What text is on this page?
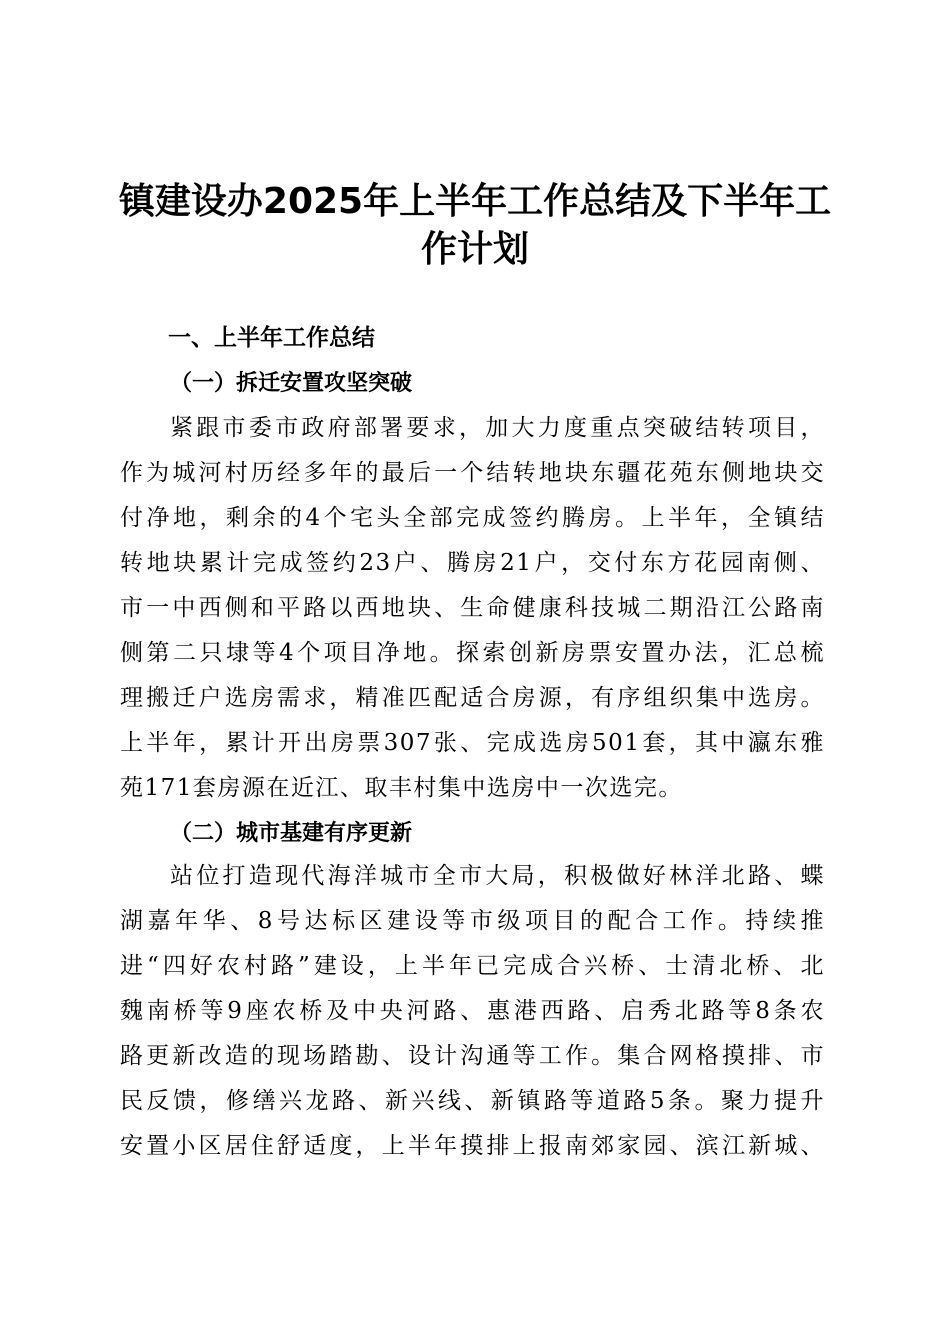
镇建设办2025年上半年工作总结及下半年工作计划
一、上半年工作总结
（一）拆迁安置攻坚突破
紧跟市委市政府部署要求，加大力度重点突破结转项目，
作为城河村历经多年的最后一个结转地块东疆花苑东侧地块交
付净地，剩余的4个宅头全部完成签约腾房。上半年，全镇结
转地块累计完成签约23户、腾房21户，交付东方花园南侧、
市一中西侧和平路以西地块、生命健康科技城二期沿江公路南
侧第二只埭等4个项目净地。探索创新房票安置办法，汇总梳
理搬迁户选房需求，精准匹配适合房源，有序组织集中选房。
上半年，累计开出房票307张、完成选房501套，其中瀛东雅
苑171套房源在近江、取丰村集中选房中一次选完。
（二）城市基建有序更新
站位打造现代海洋城市全市大局，积极做好林洋北路、蝶
湖嘉年华、8号达标区建设等市级项目的配合工作。持续推
进“四好农村路”建设，上半年已完成合兴桥、士清北桥、北
魏南桥等9座农桥及中央河路、惠港西路、启秀北路等8条农
路更新改造的现场踏勘、设计沟通等工作。集合网格摸排、市
民反馈，修缮兴龙路、新兴线、新镇路等道路5条。聚力提升
安置小区居住舒适度，上半年摸排上报南郊家园、滨江新城、
